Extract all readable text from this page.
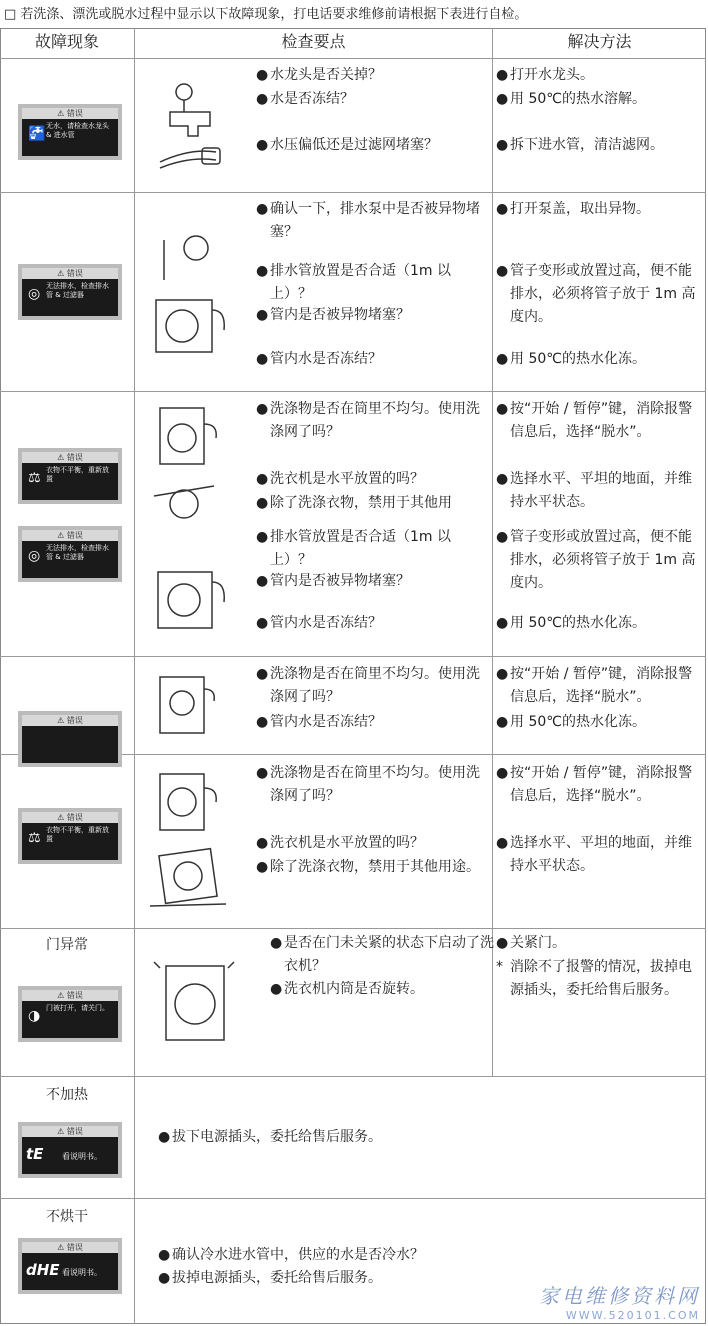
□ 若洗涤、漂洗或脱水过程中显示以下故障现象，打电话要求维修前请根据下表进行自检。
故障现象	检查要点	解决方法
⚠ 错误
🚰 无水，请检查水龙头 & 进水管
● 水龙头是否关掉？
● 水是否冻结？
● 水压偏低还是过滤网堵塞？
● 打开水龙头。
● 用 50℃的热水溶解。
● 拆下进水管，清洁滤网。
⚠ 错误
◎ 无法排水，检查排水管 & 过滤器
● 确认一下，排水泵中是否被异物堵塞？
● 排水管放置是否合适（1m 以上）？
● 管内是否被异物堵塞？
● 管内水是否冻结？
● 打开泵盖，取出异物。
● 管子变形或放置过高，便不能排水，必须将管子放于 1m 高度内。
● 用 50℃的热水化冻。
⚠ 错误
⚖ 衣物不平衡，重新放置
⚠ 错误
◎ 无法排水，检查排水管 & 过滤器
● 洗涤物是否在筒里不均匀。使用洗涤网了吗？
● 洗衣机是水平放置的吗？
● 除了洗涤衣物，禁用于其他用
● 排水管放置是否合适（1m 以上）？
● 管内是否被异物堵塞？
● 管内水是否冻结？
● 按“开始 / 暂停”键，消除报警信息后，选择“脱水”。
● 选择水平、平坦的地面，并维持水平状态。
● 管子变形或放置过高，便不能排水，必须将管子放于 1m 高度内。
● 用 50℃的热水化冻。
⚠ 错误
● 洗涤物是否在筒里不均匀。使用洗涤网了吗？
● 管内水是否冻结？
● 按“开始 / 暂停”键，消除报警信息后，选择“脱水”。
● 用 50℃的热水化冻。
⚠ 错误
⚖ 衣物不平衡，重新放置
● 洗涤物是否在筒里不均匀。使用洗涤网了吗？
● 洗衣机是水平放置的吗？
● 除了洗涤衣物，禁用于其他用途。
● 按“开始 / 暂停”键，消除报警信息后，选择“脱水”。
● 选择水平、平坦的地面，并维持水平状态。
门异常
⚠ 错误
◑ 门被打开，请关门。
● 是否在门未关紧的状态下启动了洗衣机？
● 洗衣机内筒是否旋转。
● 关紧门。
* 消除不了报警的情况，拔掉电源插头，委托给售后服务。
不加热
⚠ 错误
tE 看说明书。
● 拔下电源插头，委托给售后服务。
不烘干
⚠ 错误
dHE 看说明书。
● 确认冷水进水管中，供应的水是否冷水？
● 拔掉电源插头，委托给售后服务。
家电维修资料网
WWW.520101.COM
